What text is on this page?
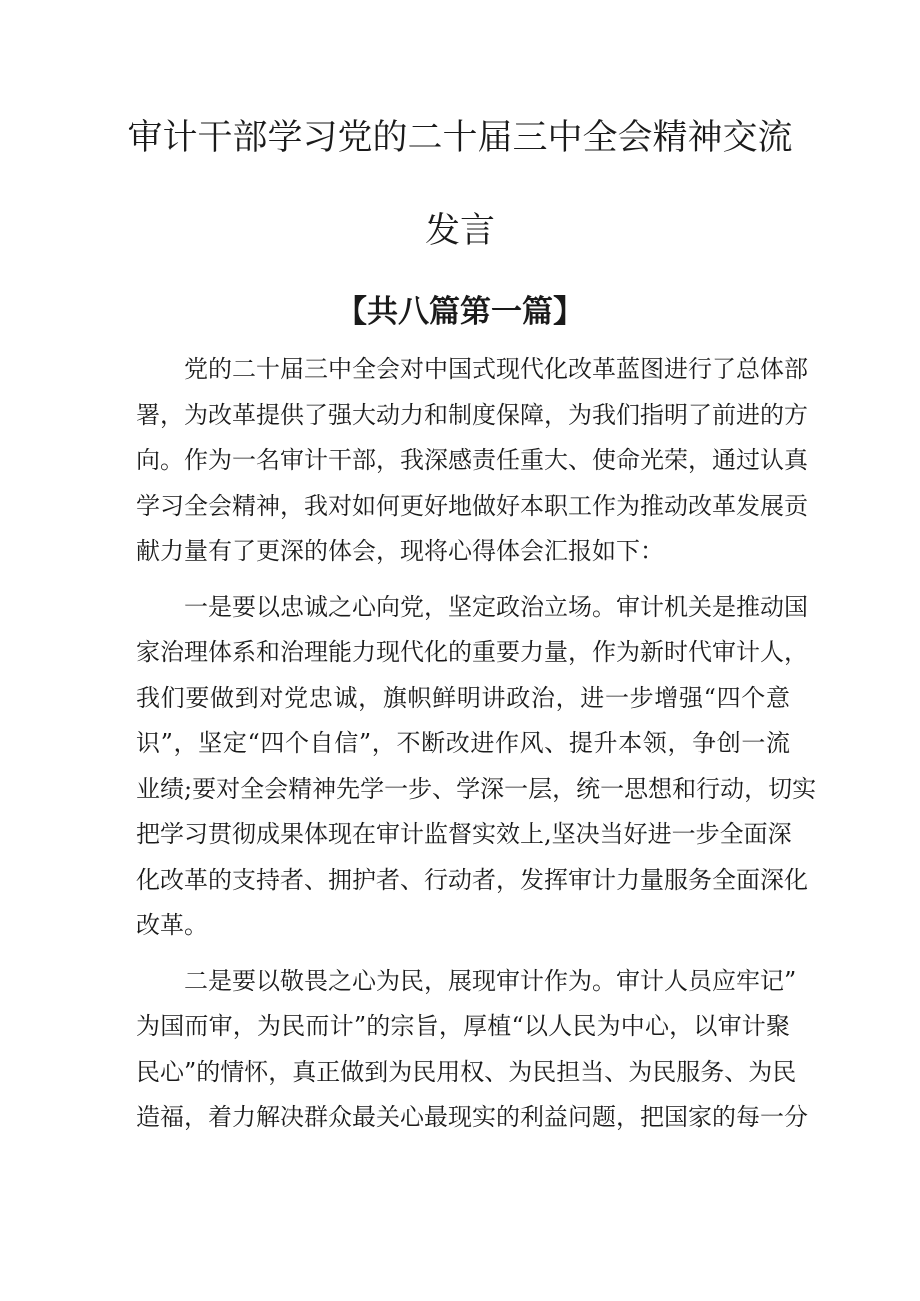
审计干部学习党的二十届三中全会精神交流
发言
【共八篇第一篇】

党的二十届三中全会对中国式现代化改革蓝图进行了总体部
署，为改革提供了强大动力和制度保障，为我们指明了前进的方
向。作为一名审计干部，我深感责任重大、使命光荣，通过认真
学习全会精神，我对如何更好地做好本职工作为推动改革发展贡
献力量有了更深的体会，现将心得体会汇报如下：

一是要以忠诚之心向党，坚定政治立场。审计机关是推动国
家治理体系和治理能力现代化的重要力量，作为新时代审计人，
我们要做到对党忠诚，旗帜鲜明讲政治，进一步增强“四个意
识”，坚定“四个自信”，不断改进作风、提升本领，争创一流
业绩;要对全会精神先学一步、学深一层，统一思想和行动，切实
把学习贯彻成果体现在审计监督实效上,坚决当好进一步全面深
化改革的支持者、拥护者、行动者，发挥审计力量服务全面深化
改革。

二是要以敬畏之心为民，展现审计作为。审计人员应牢记”
为国而审，为民而计”的宗旨，厚植“以人民为中心，以审计聚
民心”的情怀，真正做到为民用权、为民担当、为民服务、为民
造福，着力解决群众最关心最现实的利益问题，把国家的每一分
